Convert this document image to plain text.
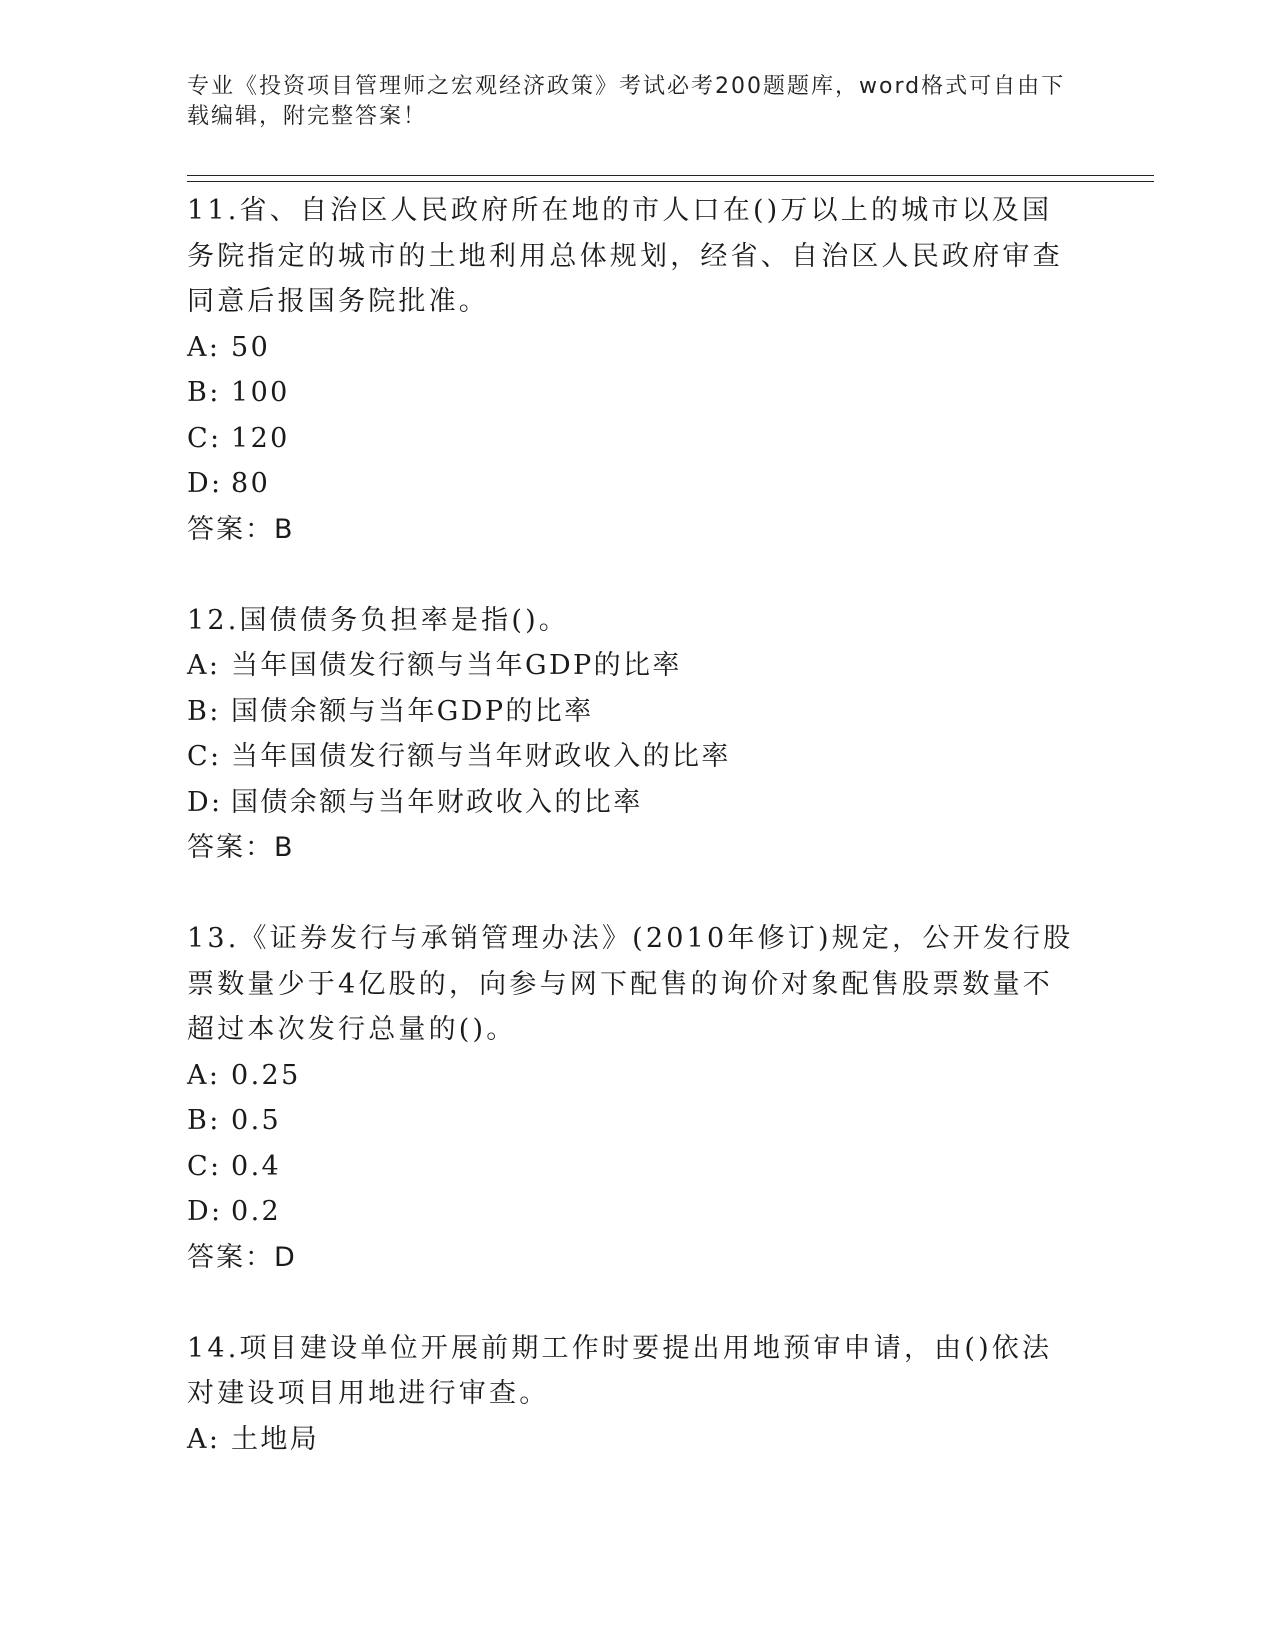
专业《投资项目管理师之宏观经济政策》考试必考200题题库，word格式可自由下载编辑，附完整答案！
11.省、自治区人民政府所在地的市人口在()万以上的城市以及国务院指定的城市的土地利用总体规划，经省、自治区人民政府审查同意后报国务院批准。
A: 50
B: 100
C: 120
D: 80
答案：B
12.国债债务负担率是指()。
A: 当年国债发行额与当年GDP的比率
B: 国债余额与当年GDP的比率
C: 当年国债发行额与当年财政收入的比率
D: 国债余额与当年财政收入的比率
答案：B
13.《证券发行与承销管理办法》(2010年修订)规定，公开发行股票数量少于4亿股的，向参与网下配售的询价对象配售股票数量不超过本次发行总量的()。
A: 0.25
B: 0.5
C: 0.4
D: 0.2
答案：D
14.项目建设单位开展前期工作时要提出用地预审申请，由()依法对建设项目用地进行审查。
A: 土地局
